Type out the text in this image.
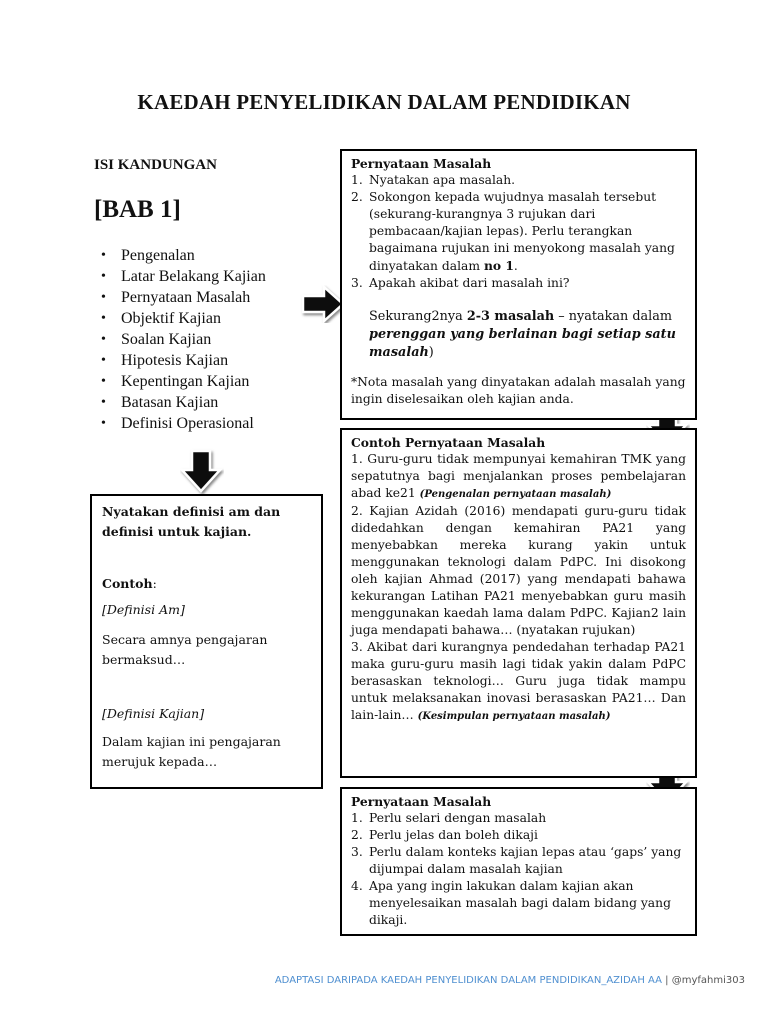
KAEDAH PENYELIDIKAN DALAM PENDIDIKAN
ISI KANDUNGAN
[BAB 1]
• Pengenalan
• Latar Belakang Kajian
• Pernyataan Masalah
• Objektif Kajian
• Soalan Kajian
• Hipotesis Kajian
• Kepentingan Kajian
• Batasan Kajian
• Definisi Operasional

Nyatakan definisi am dan definisi untuk kajian.

Contoh:

[Definisi Am]

Secara amnya pengajaran bermaksud…

[Definisi Kajian]

Dalam kajian ini pengajaran merujuk kepada…

Pernyataan Masalah

1. Nyatakan apa masalah.
2. Sokongon kepada wujudnya masalah tersebut (sekurang-kurangnya 3 rujukan dari pembacaan/kajian lepas). Perlu terangkan bagaimana rujukan ini menyokong masalah yang dinyatakan dalam no 1.
3. Apakah akibat dari masalah ini?

Sekurang2nya 2-3 masalah – nyatakan dalam perenggan yang berlainan bagi setiap satu masalah)

*Nota masalah yang dinyatakan adalah masalah yang ingin diselesaikan oleh kajian anda.

Contoh Pernyataan Masalah

1. Guru-guru tidak mempunyai kemahiran TMK yang sepatutnya bagi menjalankan proses pembelajaran abad ke21 (Pengenalan pernyataan masalah)

2. Kajian Azidah (2016) mendapati guru-guru tidak didedahkan dengan kemahiran PA21 yang menyebabkan mereka kurang yakin untuk menggunakan teknologi dalam PdPC. Ini disokong oleh kajian Ahmad (2017) yang mendapati bahawa kekurangan Latihan PA21 menyebabkan guru masih menggunakan kaedah lama dalam PdPC. Kajian2 lain juga mendapati bahawa… (nyatakan rujukan)

3. Akibat dari kurangnya pendedahan terhadap PA21 maka guru-guru masih lagi tidak yakin dalam PdPC berasaskan teknologi… Guru juga tidak mampu untuk melaksanakan inovasi berasaskan PA21… Dan lain-lain… (Kesimpulan pernyataan masalah)

Pernyataan Masalah

1. Perlu selari dengan masalah
2. Perlu jelas dan boleh dikaji
3. Perlu dalam konteks kajian lepas atau ‘gaps’ yang dijumpai dalam masalah kajian
4. Apa yang ingin lakukan dalam kajian akan menyelesaikan masalah bagi dalam bidang yang dikaji.
ADAPTASI DARIPADA KAEDAH PENYELIDIKAN DALAM PENDIDIKAN_AZIDAH AA | @myfahmi303
